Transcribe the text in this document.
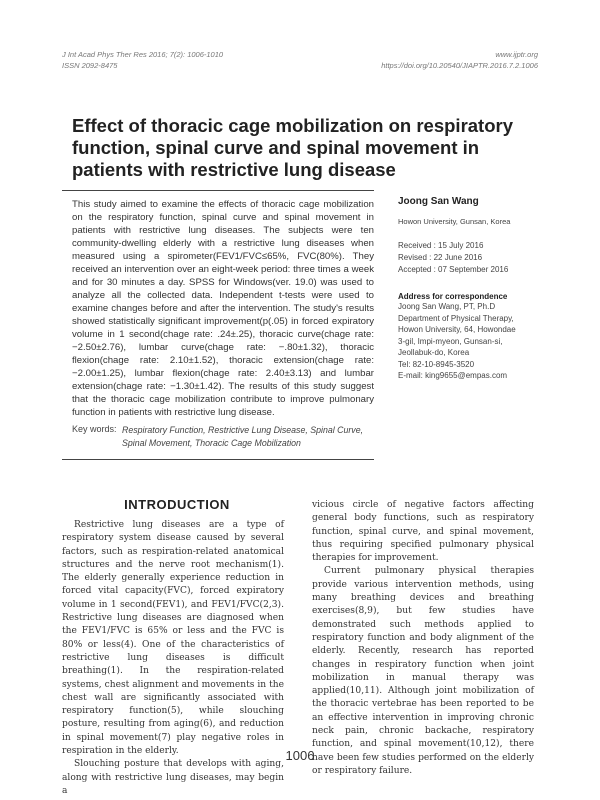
J Int Acad Phys Ther Res 2016; 7(2): 1006-1010
ISSN 2092-8475
www.ijptr.org
https://doi.org/10.20540/JIAPTR.2016.7.2.1006
Effect of thoracic cage mobilization on respiratory function, spinal curve and spinal movement in patients with restrictive lung disease

This study aimed to examine the effects of thoracic cage mobilization on the respiratory function, spinal curve and spinal movement in patients with restrictive lung diseases. The subjects were ten community-dwelling elderly with a restrictive lung diseases when measured using a spirometer(FEV1/FVC≤65%, FVC(80%). They received an intervention over an eight-week period: three times a week and for 30 minutes a day. SPSS for Windows(ver. 19.0) was used to analyze all the collected data. Independent t-tests were used to examine changes before and after the intervention. The study's results showed statistically significant improvement(p(.05) in forced expiratory volume in 1 second(chage rate: .24±.25), thoracic curve(chage rate: −2.50±2.76), lumbar curve(chage rate: −.80±1.32), thoracic flexion(chage rate: 2.10±1.52), thoracic extension(chage rate: −2.00±1.25), lumbar flexion(chage rate: 2.40±3.13) and lumbar extension(chage rate: −1.30±1.42). The results of this study suggest that the thoracic cage mobilization contribute to improve pulmonary function in patients with restrictive lung disease.

Key words: Respiratory Function, Restrictive Lung Disease, Spinal Curve, Spinal Movement, Thoracic Cage Mobilization
Joong San Wang
Howon University, Gunsan, Korea
Received : 15 July 2016
Revised : 22 June 2016
Accepted : 07 September 2016
Address for correspondence
Joong San Wang, PT, Ph.D
Department of Physical Therapy,
Howon University, 64, Howondae
3-gil, Impi-myeon, Gunsan-si,
Jeollabuk-do, Korea
Tel: 82-10-8945-3520
E-mail: king9655@empas.com
INTRODUCTION

Restrictive lung diseases are a type of respiratory system disease caused by several factors, such as respiration-related anatomical structures and the nerve root mechanism(1). The elderly generally experience reduction in forced vital capacity(FVC), forced expiratory volume in 1 second(FEV1), and FEV1/FVC(2,3). Restrictive lung diseases are diagnosed when the FEV1/FVC is 65% or less and the FVC is 80% or less(4). One of the characteristics of restrictive lung diseases is difficult breathing(1). In the respiration-related systems, chest alignment and movements in the chest wall are significantly associated with respiratory function(5), while slouching posture, resulting from aging(6), and reduction in spinal movement(7) play negative roles in respiration in the elderly.

Slouching posture that develops with aging, along with restrictive lung diseases, may begin a

vicious circle of negative factors affecting general body functions, such as respiratory function, spinal curve, and spinal movement, thus requiring specified pulmonary physical therapies for improvement.

Current pulmonary physical therapies provide various intervention methods, using many breathing devices and breathing exercises(8,9), but few studies have demonstrated such methods applied to respiratory function and body alignment of the elderly. Recently, research has reported changes in respiratory function when joint mobilization in manual therapy was applied(10,11). Although joint mobilization of the thoracic vertebrae has been reported to be an effective intervention in improving chronic neck pain, chronic backache, respiratory function, and spinal movement(10,12), there have been few studies performed on the elderly or respiratory failure.

1006
